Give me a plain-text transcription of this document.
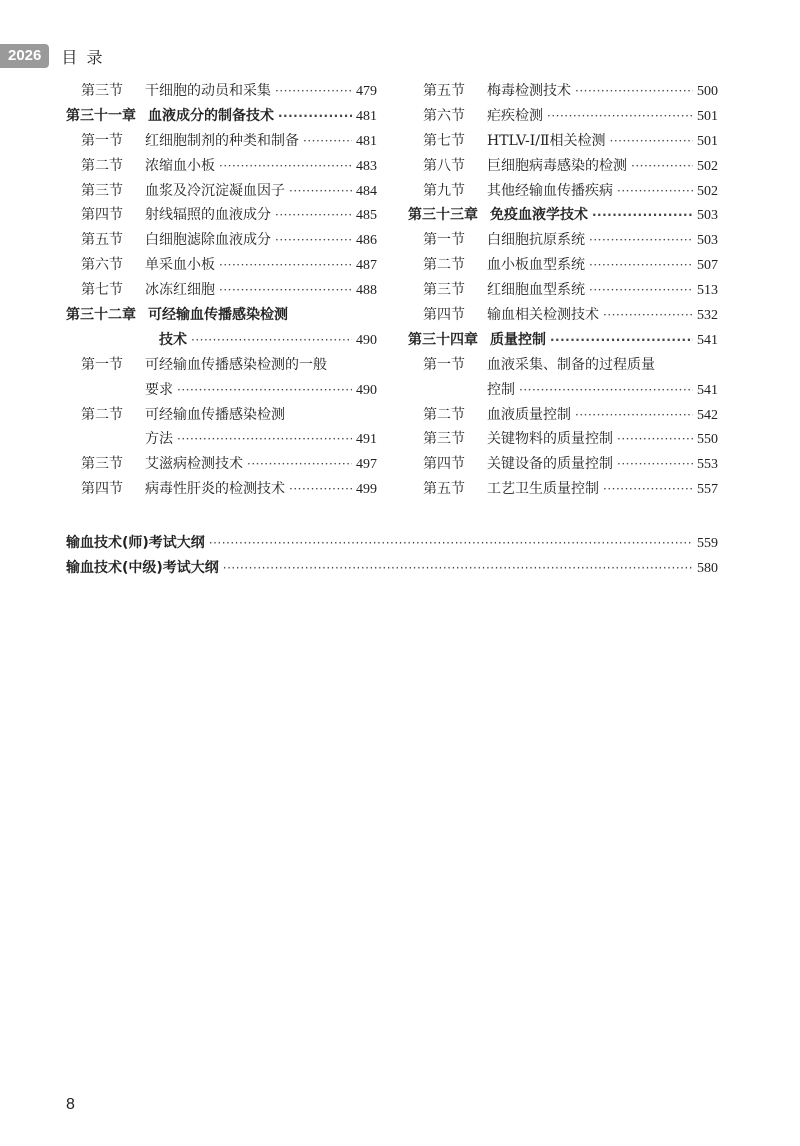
2026	目 录
第三节	干细胞的动员和采集 ·····	479
第三十一章 血液成分的制备技术 ·····	481
第一节	红细胞制剂的种类和制备 ·····	481
第二节	浓缩血小板 ·····	483
第三节	血浆及冷沉淀凝血因子 ·····	484
第四节	射线辐照的血液成分 ·····	485
第五节	白细胞滤除血液成分 ·····	486
第六节	单采血小板 ·····	487
第七节	冰冻红细胞 ·····	488
第三十二章 可经输血传播感染检测
技术 ·····	490
第一节	可经输血传播感染检测的一般
要求 ·····	490
第二节	可经输血传播感染检测
方法 ·····	491
第三节	艾滋病检测技术 ·····	497
第四节	病毒性肝炎的检测技术 ·····	499
第五节	梅毒检测技术 ·····	500
第六节	疟疾检测 ·····	501
第七节	HTLV-Ⅰ/Ⅱ相关检测 ·····	501
第八节	巨细胞病毒感染的检测 ·····	502
第九节	其他经输血传播疾病 ·····	502
第三十三章 免疫血液学技术 ·····	503
第一节	白细胞抗原系统 ·····	503
第二节	血小板血型系统 ·····	507
第三节	红细胞血型系统 ·····	513
第四节	输血相关检测技术 ·····	532
第三十四章 质量控制 ·····	541
第一节	血液采集、制备的过程质量
控制 ·····	541
第二节	血液质量控制 ·····	542
第三节	关键物料的质量控制 ·····	550
第四节	关键设备的质量控制 ·····	553
第五节	工艺卫生质量控制 ·····	557
输血技术(师)考试大纲 ·····	559
输血技术(中级)考试大纲 ·····	580
8
